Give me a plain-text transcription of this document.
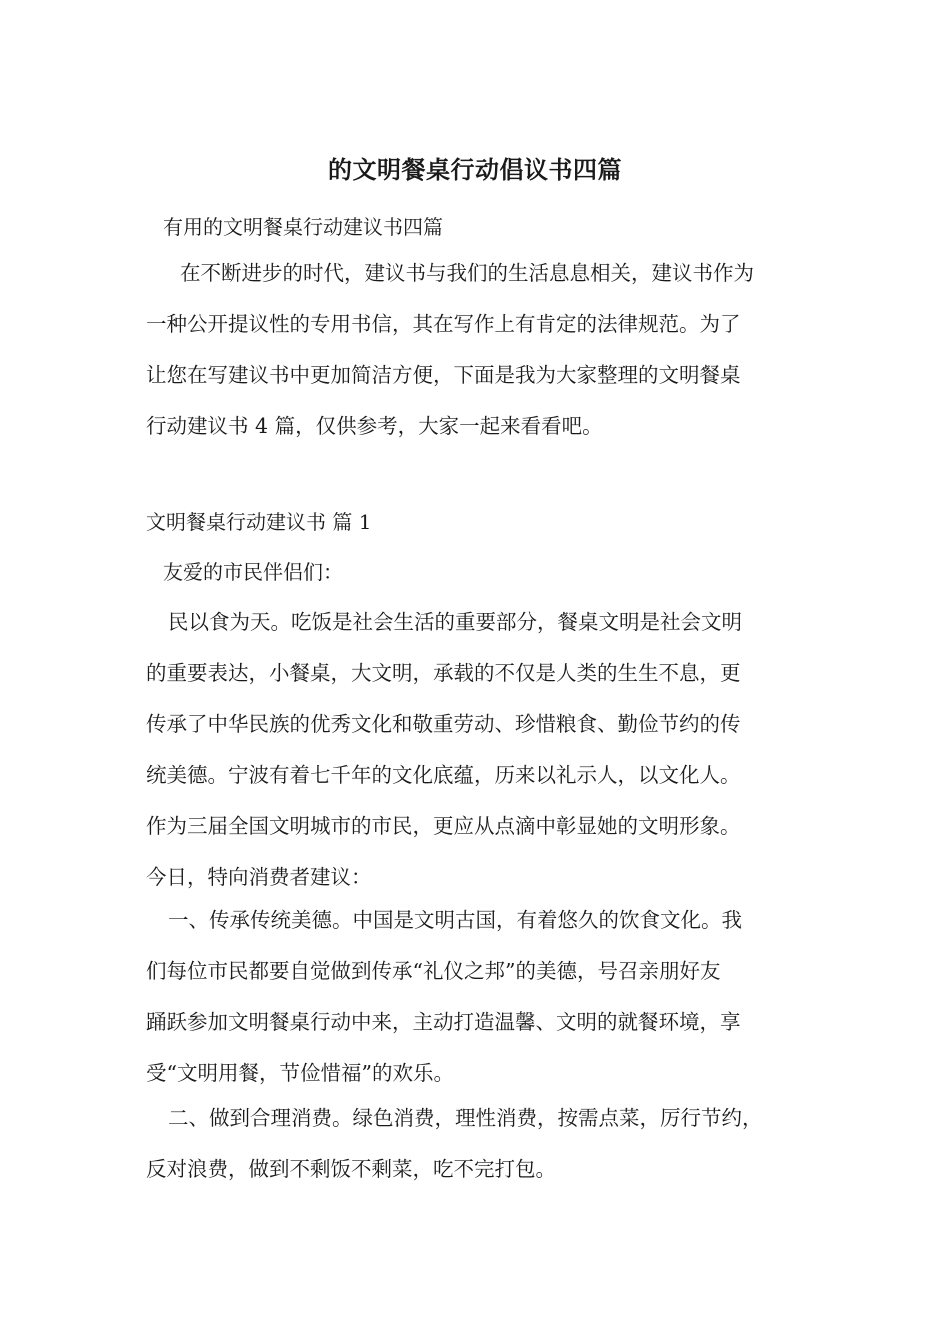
的文明餐桌行动倡议书四篇
有用的文明餐桌行动建议书四篇
在不断进步的时代，建议书与我们的生活息息相关，建议书作为
一种公开提议性的专用书信，其在写作上有肯定的法律规范。为了
让您在写建议书中更加简洁方便，下面是我为大家整理的文明餐桌
行动建议书 4 篇，仅供参考，大家一起来看看吧。
文明餐桌行动建议书 篇 1
友爱的市民伴侣们：
民以食为天。吃饭是社会生活的重要部分，餐桌文明是社会文明
的重要表达，小餐桌，大文明，承载的不仅是人类的生生不息，更
传承了中华民族的优秀文化和敬重劳动、珍惜粮食、勤俭节约的传
统美德。宁波有着七千年的文化底蕴，历来以礼示人，以文化人。
作为三届全国文明城市的市民，更应从点滴中彰显她的文明形象。
今日，特向消费者建议：
一、传承传统美德。中国是文明古国，有着悠久的饮食文化。我
们每位市民都要自觉做到传承“礼仪之邦”的美德，号召亲朋好友
踊跃参加文明餐桌行动中来，主动打造温馨、文明的就餐环境，享
受“文明用餐，节俭惜福”的欢乐。
二、做到合理消费。绿色消费，理性消费，按需点菜，厉行节约，
反对浪费，做到不剩饭不剩菜，吃不完打包。
